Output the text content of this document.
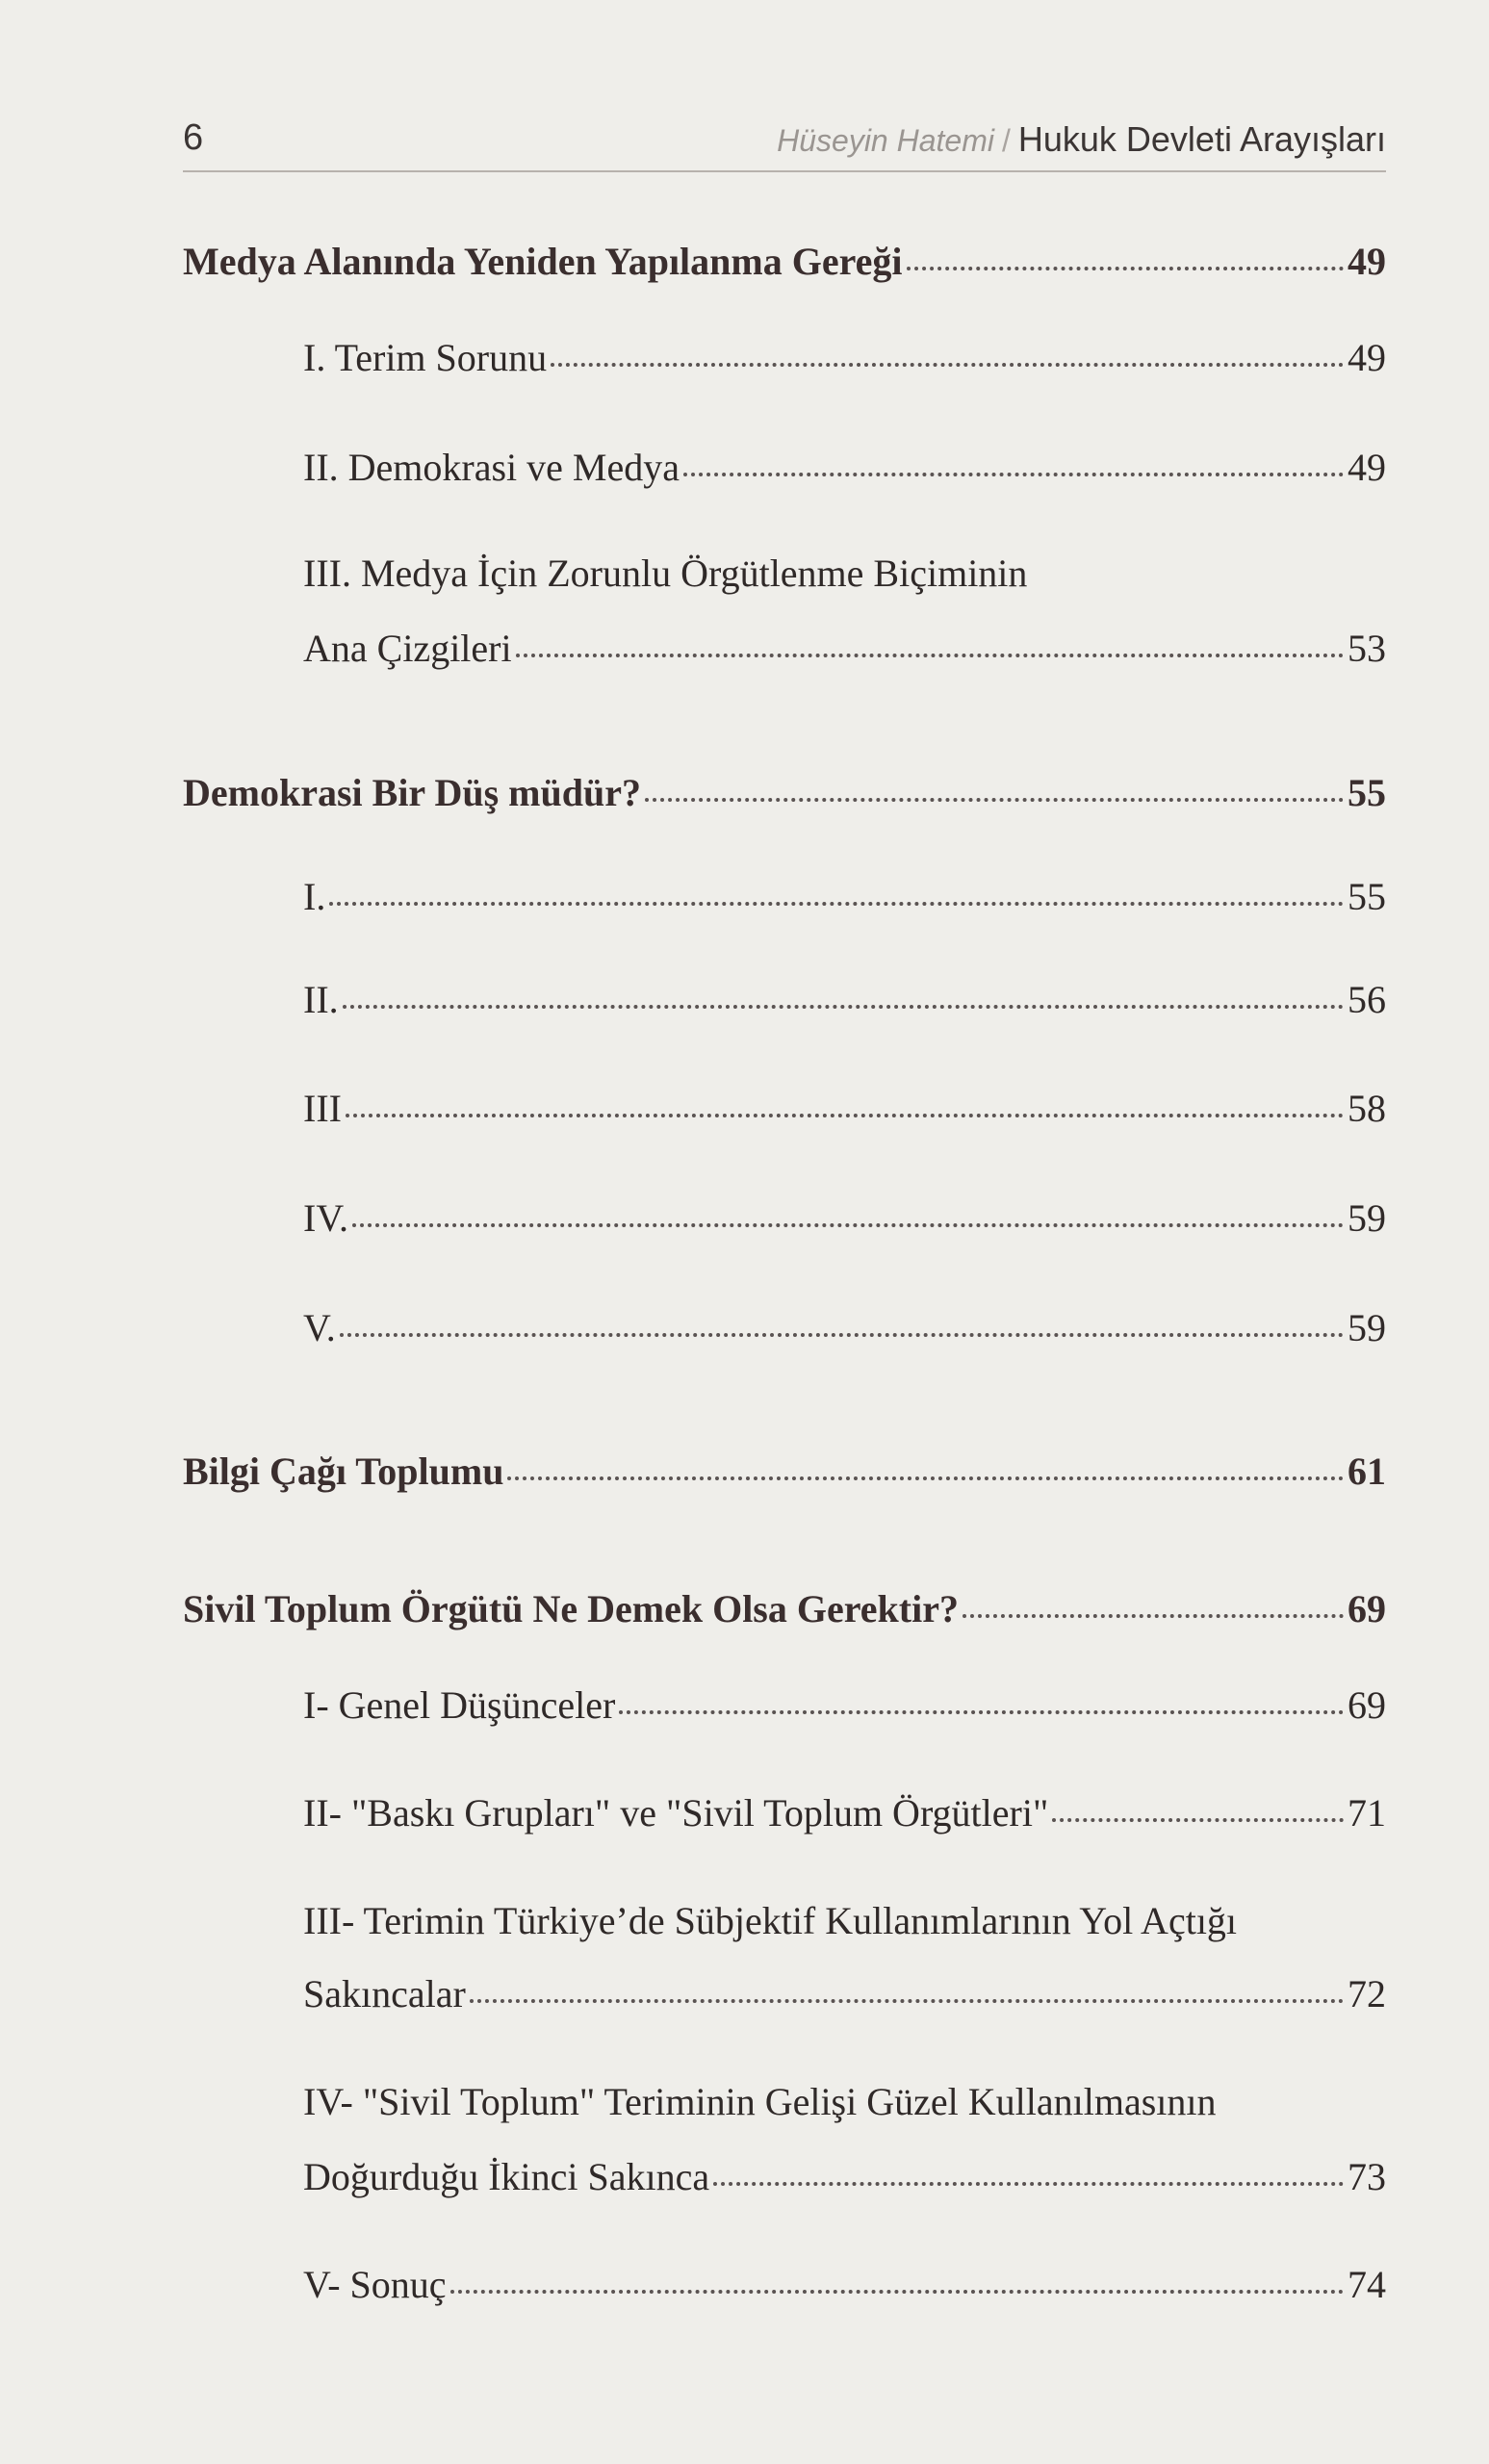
6	Hüseyin Hatemi / Hukuk Devleti Arayışları
Medya Alanında Yeniden Yapılanma Gereği	49
I. Terim Sorunu	49
II. Demokrasi ve Medya	49
III. Medya İçin Zorunlu Örgütlenme Biçiminin
Ana Çizgileri	53
Demokrasi Bir Düş müdür?	55
I.	55
II.	56
III	58
IV.	59
V.	59
Bilgi Çağı Toplumu	61
Sivil Toplum Örgütü Ne Demek Olsa Gerektir?	69
I- Genel Düşünceler	69
II- "Baskı Grupları" ve "Sivil Toplum Örgütleri"	71
III- Terimin Türkiye’de Sübjektif Kullanımlarının Yol Açtığı
Sakıncalar	72
IV- "Sivil Toplum" Teriminin Gelişi Güzel Kullanılmasının
Doğurduğu İkinci Sakınca	73
V- Sonuç	74
